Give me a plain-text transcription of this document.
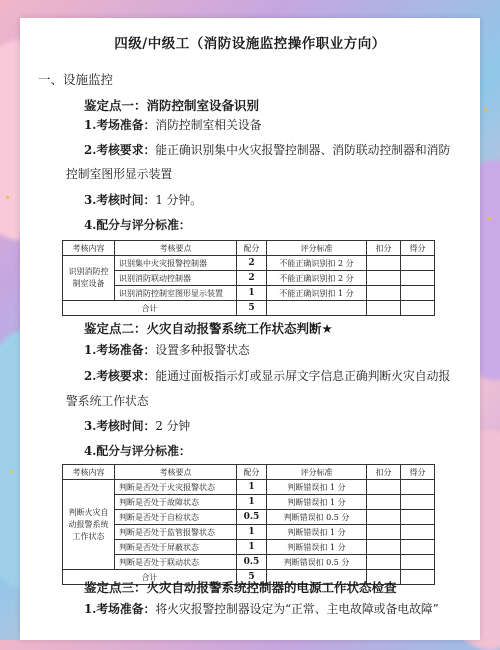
四级/中级工（消防设施监控操作职业方向）
一、设施监控
鉴定点一：消防控制室设备识别
1.考场准备：消防控制室相关设备
2.考核要求：能正确识别集中火灾报警控制器、消防联动控制器和消防
控制室图形显示装置
3.考核时间：1 分钟。
4.配分与评分标准：
考核内容	考核要点	配分	评分标准	扣分	得分
识别消防控制室设备	识别集中火灾报警控制器	2	不能正确识别扣 2 分		
	识别消防联动控制器	2	不能正确识别扣 2 分		
	识别消防控制室图形显示装置	1	不能正确识别扣 1 分		
合计		5			
鉴定点二：火灾自动报警系统工作状态判断★
1.考场准备：设置多种报警状态
2.考核要求：能通过面板指示灯或显示屏文字信息正确判断火灾自动报
警系统工作状态
3.考核时间：2 分钟
4.配分与评分标准：
考核内容	考核要点	配分	评分标准	扣分	得分
判断火灾自动报警系统工作状态	判断是否处于火灾报警状态	1	判断错误扣 1 分		
	判断是否处于故障状态	1	判断错误扣 1 分		
	判断是否处于自检状态	0.5	判断错误扣 0.5 分		
	判断是否处于监管报警状态	1	判断错误扣 1 分		
	判断是否处于屏蔽状态	1	判断错误扣 1 分		
	判断是否处于联动状态	0.5	判断错误扣 0.5 分		
合计		5			
鉴定点三：火灾自动报警系统控制器的电源工作状态检查
1.考场准备：将火灾报警控制器设定为“正常、主电故障或备电故障”
